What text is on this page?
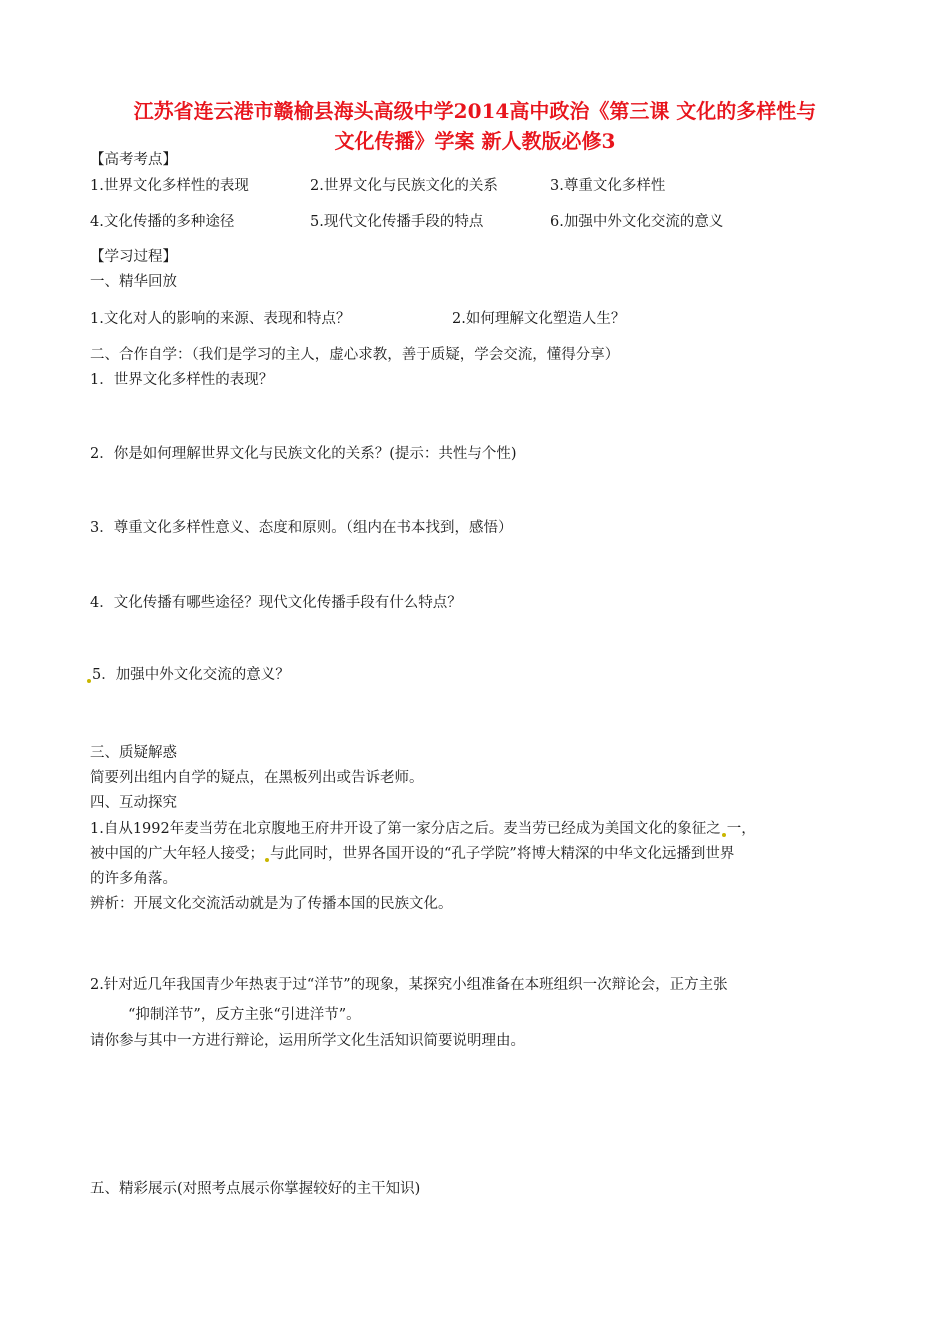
江苏省连云港市赣榆县海头高级中学2014高中政治《第三课 文化的多样性与
文化传播》学案 新人教版必修3
【高考考点】
1.世界文化多样性的表现	2.世界文化与民族文化的关系	3.尊重文化多样性
4.文化传播的多种途径	5.现代文化传播手段的特点	6.加强中外文化交流的意义
【学习过程】
一、精华回放
1.文化对人的影响的来源、表现和特点？	2.如何理解文化塑造人生？
二、合作自学：（我们是学习的主人，虚心求教，善于质疑，学会交流，懂得分享）
1．世界文化多样性的表现？
2．你是如何理解世界文化与民族文化的关系？(提示：共性与个性)
3．尊重文化多样性意义、态度和原则。（组内在书本找到，感悟）
4．文化传播有哪些途径？现代文化传播手段有什么特点？
5．加强中外文化交流的意义？
三、质疑解惑
简要列出组内自学的疑点，在黑板列出或告诉老师。
四、互动探究
1.自从1992年麦当劳在北京腹地王府井开设了第一家分店之后。麦当劳已经成为美国文化的象征之 一，
被中国的广大年轻人接受； 与此同时，世界各国开设的“孔子学院”将博大精深的中华文化远播到世界
的许多角落。
辨析：开展文化交流活动就是为了传播本国的民族文化。
2.针对近几年我国青少年热衷于过“洋节”的现象，某探究小组准备在本班组织一次辩论会，正方主张
“抑制洋节”，反方主张“引进洋节”。
请你参与其中一方进行辩论，运用所学文化生活知识简要说明理由。
五、精彩展示(对照考点展示你掌握较好的主干知识)
